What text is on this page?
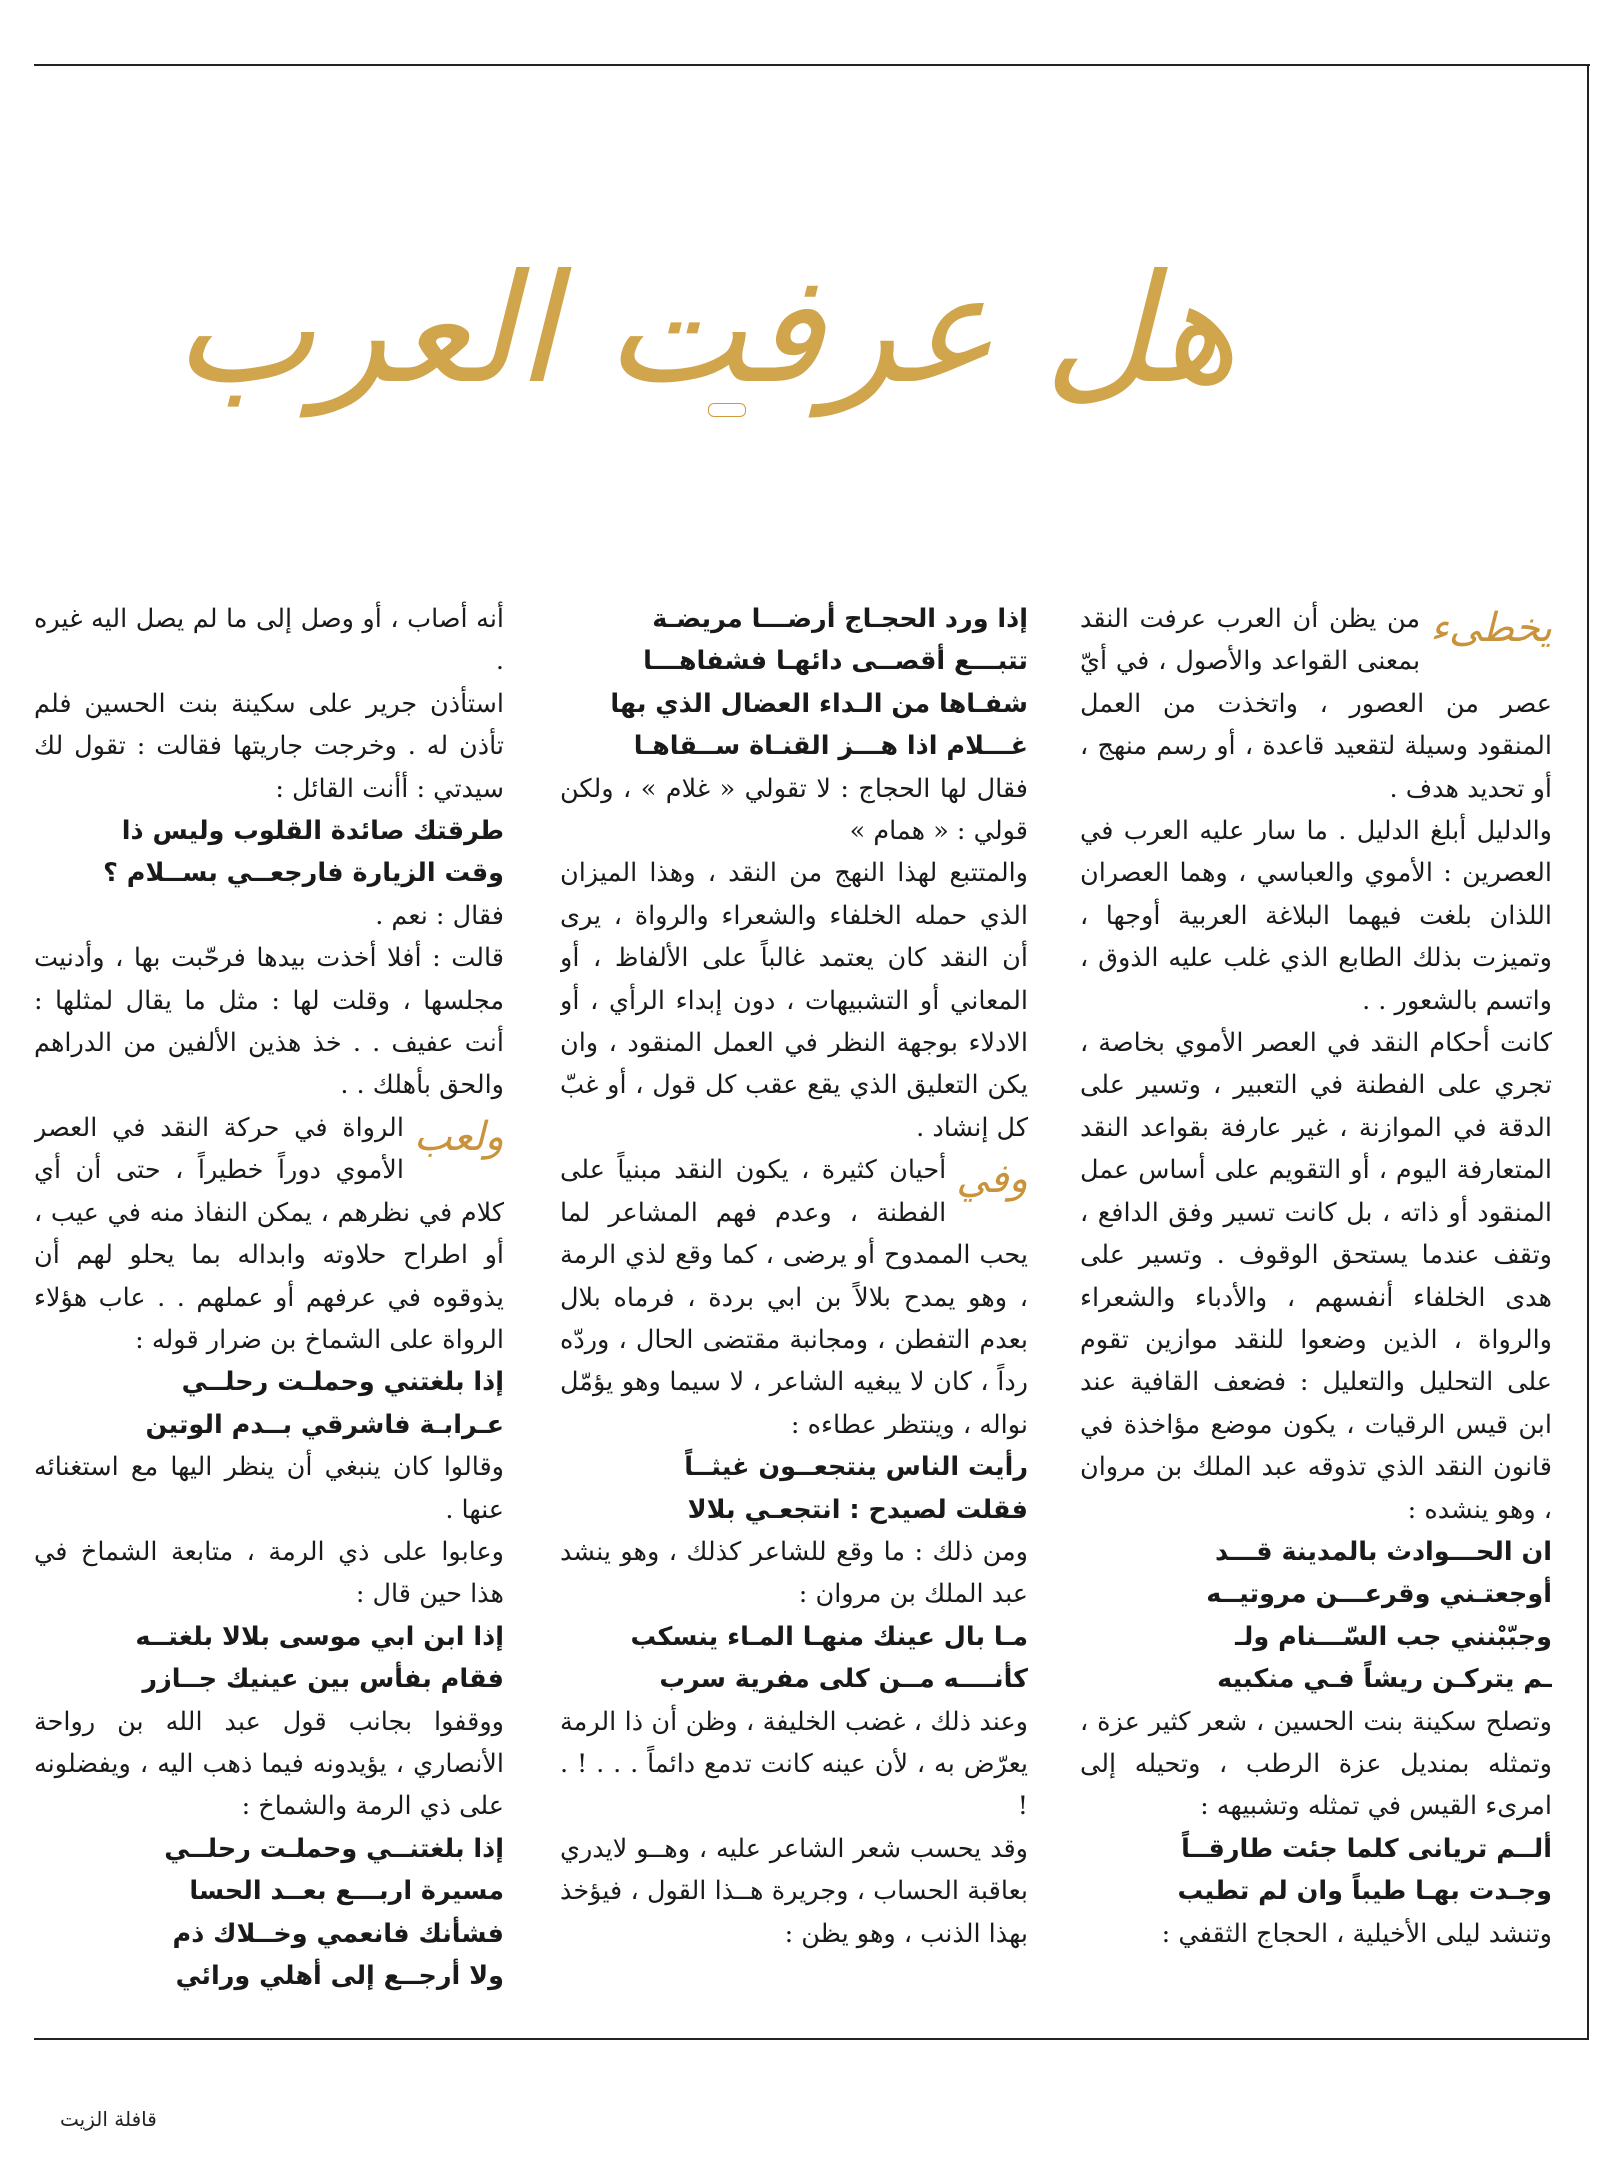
هل عرفت العرب
يخطىء

من يظن أن العرب عرفت النقد بمعنى القواعد والأصول ، في أيّ عصر من العصور ، واتخذت من العمل المنقود وسيلة لتقعيد قاعدة ، أو رسم منهج ، أو تحديد هدف .

والدليل أبلغ الدليل . ما سار عليه العرب في العصرين : الأموي والعباسي ، وهما العصران اللذان بلغت فيهما البلاغة العربية أوجها ، وتميزت بذلك الطابع الذي غلب عليه الذوق ، واتسم بالشعور . .

كانت أحكام النقد في العصر الأموي بخاصة ، تجري على الفطنة في التعبير ، وتسير على الدقة في الموازنة ، غير عارفة بقواعد النقد المتعارفة اليوم ، أو التقويم على أساس عمل المنقود أو ذاته ، بل كانت تسير وفق الدافع ، وتقف عندما يستحق الوقوف . وتسير على هدى الخلفاء أنفسهم ، والأدباء والشعراء والرواة ، الذين وضعوا للنقد موازين تقوم على التحليل والتعليل : فضعف القافية عند ابن قيس الرقيات ، يكون موضع مؤاخذة في قانون النقد الذي تذوقه عبد الملك بن مروان ، وهو ينشده :

ان الحـــوادث بالمدينة قـــد

أوجعتـني وقرعـــن مروتيــه

وجبّبْنني جب السّـــنام ولـ

ـم يتركـن ريشاً فـي منكبيه

وتصلح سكينة بنت الحسين ، شعر كثير عزة ، وتمثله بمنديل عزة الرطب ، وتحيله إلى امرىء القيس في تمثله وتشبيهه :

ألــم تريانى كلما جئت طارقــاً

وجـدت بهـا طيباً وان لم تطيب

وتنشد ليلى الأخيلية ، الحجاج الثقفي :

إذا ورد الحجـاج أرضـــا مريضـة

تتبـــع أقصــى دائهـا فشفاهـــا

شفـاها من الـداء العضال الذي بها

غـــلام اذا هـــز القنـاة ســقاهـا

فقال لها الحجاج : لا تقولي « غلام » ، ولكن قولي : « همام »

والمتتبع لهذا النهج من النقد ، وهذا الميزان الذي حمله الخلفاء والشعراء والرواة ، يرى أن النقد كان يعتمد غالباً على الألفاظ ، أو المعاني أو التشبيهات ، دون إبداء الرأي ، أو الادلاء بوجهة النظر في العمل المنقود ، وان يكن التعليق الذي يقع عقب كل قول ، أو غبّ كل إنشاد .

وفي

أحيان كثيرة ، يكون النقد مبنياً على الفطنة ، وعدم فهم المشاعر لما يحب الممدوح أو يرضى ، كما وقع لذي الرمة ، وهو يمدح بلالاً بن ابي بردة ، فرماه بلال بعدم التفطن ، ومجانبة مقتضى الحال ، وردّه رداً ، كان لا يبغيه الشاعر ، لا سيما وهو يؤمّل نواله ، وينتظر عطاءه :

رأيت الناس ينتجعــون غيثــاً

فقلت لصيدح : انتجعـي بلالا

ومن ذلك : ما وقع للشاعر كذلك ، وهو ينشد عبد الملك بن مروان :

مـا بال عينك منهـا المـاء ينسكب

كأنــــه مــن كلى مفرية سرب

وعند ذلك ، غضب الخليفة ، وظن أن ذا الرمة يعرّض به ، لأن عينه كانت تدمع دائماً . . . ! . !

وقد يحسب شعر الشاعر عليه ، وهــو لايدري بعاقبة الحساب ، وجريرة هــذا القول ، فيؤخذ بهذا الذنب ، وهو يظن :

أنه أصاب ، أو وصل إلى ما لم يصل اليه غيره .

استأذن جرير على سكينة بنت الحسين فلم تأذن له . وخرجت جاريتها فقالت : تقول لك سيدتي : أأنت القائل :

طرقتك صائدة القلوب وليس ذا

وقت الزيارة فارجعــي بســلام ؟

فقال : نعم .

قالت : أفلا أخذت بيدها فرحّبت بها ، وأدنيت مجلسها ، وقلت لها : مثل ما يقال لمثلها : أنت عفيف . . خذ هذين الألفين من الدراهم والحق بأهلك . .

ولعب

الرواة في حركة النقد في العصر الأموي دوراً خطيراً ، حتى أن أي كلام في نظرهم ، يمكن النفاذ منه في عيب ، أو اطراح حلاوته وابداله بما يحلو لهم أن يذوقوه في عرفهم أو عملهم . . عاب هؤلاء الرواة على الشماخ بن ضرار قوله :

إذا بلغتني وحملـت رحلــي

عـرابـة فاشرقي بــدم الوتين

وقالوا كان ينبغي أن ينظر اليها مع استغنائه عنها .

وعابوا على ذي الرمة ، متابعة الشماخ في هذا حين قال :

إذا ابن ابي موسى بلالا بلغتــه

فقام بفأس بين عينيك جــازر

ووقفوا بجانب قول عبد الله بن رواحة الأنصاري ، يؤيدونه فيما ذهب اليه ، ويفضلونه على ذي الرمة والشماخ :

إذا بلغتنــي وحملـت رحلــي

مسيرة اربـــع بعــد الحسا

فشأنك فانعمي وخــلاك ذم

ولا أرجــع إلى أهلي ورائي

قافلة الزيت
